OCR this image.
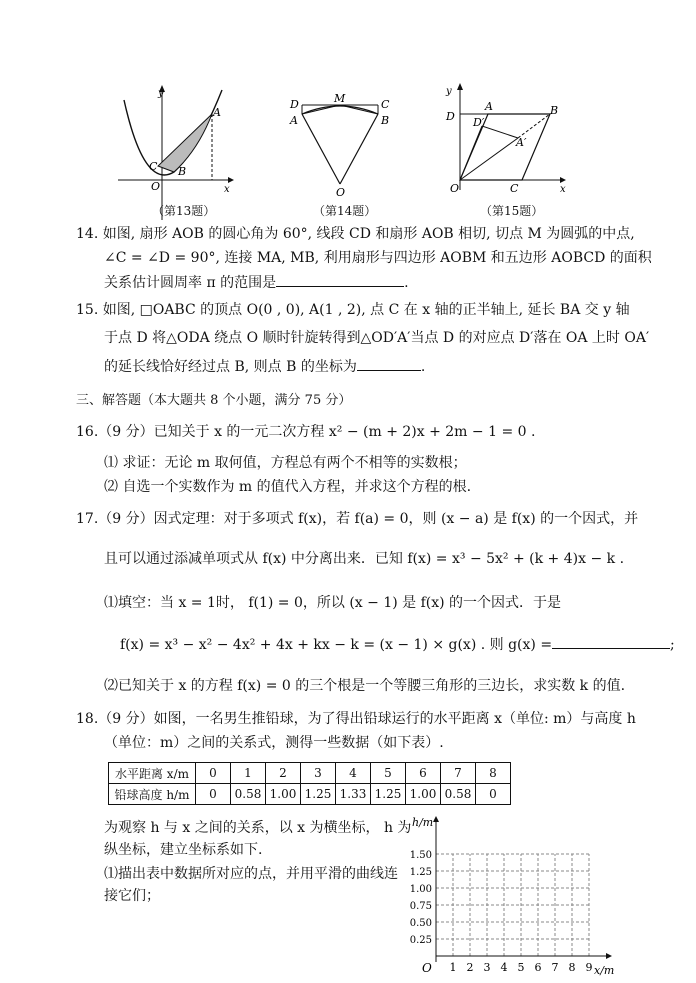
y
x
A
B
C
O
（第13题）
D	M	C
A	B
O
（第14题）
D
A	B
D′
A′
O	C
y
x
（第15题）
14. 如图, 扇形 AOB 的圆心角为 60°, 线段 CD 和扇形 AOB 相切, 切点 M 为圆弧的中点,
∠C = ∠D = 90°, 连接 MA, MB, 利用扇形与四边形 AOBM 和五边形 AOBCD 的面积
关系估计圆周率 π 的范围是	.
15. 如图, □OABC 的顶点 O(0 , 0), A(1 , 2), 点 C 在 x 轴的正半轴上, 延长 BA 交 y 轴
于点 D 将△ODA 绕点 O 顺时针旋转得到△OD′A′当点 D 的对应点 D′落在 OA 上时 OA′
的延长线恰好经过点 B, 则点 B 的坐标为	.
三、解答题（本大题共 8 个小题，满分 75 分）
16.（9 分）已知关于 x 的一元二次方程 x² − (m + 2)x + 2m − 1 = 0 .
⑴ 求证：无论 m 取何值，方程总有两个不相等的实数根；
⑵ 自选一个实数作为 m 的值代入方程，并求这个方程的根.
17.（9 分）因式定理：对于多项式 f(x)，若 f(a) = 0，则 (x − a) 是 f(x) 的一个因式，并
且可以通过添减单项式从 f(x) 中分离出来．已知 f(x) = x³ − 5x² + (k + 4)x − k .
⑴填空：当 x = 1时， f(1) = 0，所以 (x − 1) 是 f(x) 的一个因式．于是
f(x) = x³ − x² − 4x² + 4x + kx − k = (x − 1) × g(x) . 则 g(x) =	;
⑵已知关于 x 的方程 f(x) = 0 的三个根是一个等腰三角形的三边长，求实数 k 的值.
18.（9 分）如图，一名男生推铅球，为了得出铅球运行的水平距离 x（单位: m）与高度 h
（单位：m）之间的关系式，测得一些数据（如下表）.
水平距离 x/m	0	1	2	3	4	5	6	7	8
铅球高度 h/m	0	0.58	1.00	1.25	1.33	1.25	1.00	0.58	0
为观察 h 与 x 之间的关系，以 x 为横坐标， h 为
纵坐标，建立坐标系如下.
⑴描出表中数据所对应的点，并用平滑的曲线连
接它们；
h/m
x/m
O
0.25
0.50
0.75
1.00
1.25
1.50
1 2 3 4 5 6 7 8 9
